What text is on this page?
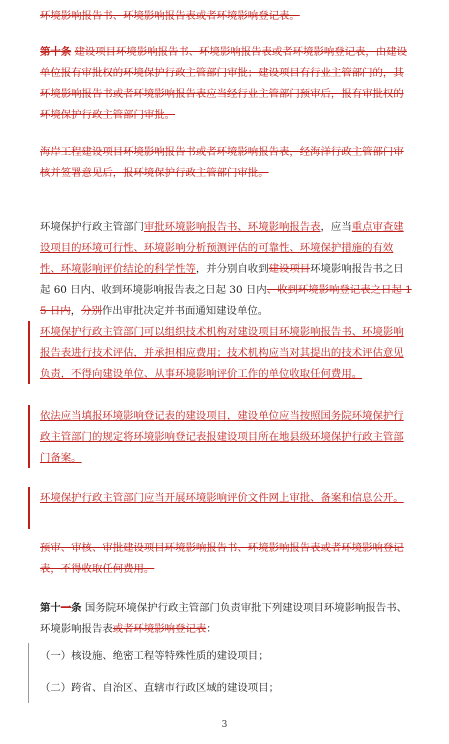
环境影响报告书、环境影响报告表或者环境影响登记表。
第十条 建设项目环境影响报告书、环境影响报告表或者环境影响登记表，由建设单位报有审批权的环境保护行政主管部门审批；建设项目有行业主管部门的，其环境影响报告书或者环境影响报告表应当经行业主管部门预审后，报有审批权的环境保护行政主管部门审批。
海岸工程建设项目环境影响报告书或者环境影响报告表，经海洋行政主管部门审核并签署意见后，报环境保护行政主管部门审批。
环境保护行政主管部门审批环境影响报告书、环境影响报告表，应当重点审查建设项目的环境可行性、环境影响分析预测评估的可靠性、环境保护措施的有效性、环境影响评价结论的科学性等，并分别自收到建设项目环境影响报告书之日起 60 日内、收到环境影响报告表之日起 30 日内、收到环境影响登记表之日起 15 日内，分别作出审批决定并书面通知建设单位。
环境保护行政主管部门可以组织技术机构对建设项目环境影响报告书、环境影响报告表进行技术评估，并承担相应费用；技术机构应当对其提出的技术评估意见负责，不得向建设单位、从事环境影响评价工作的单位收取任何费用。
依法应当填报环境影响登记表的建设项目，建设单位应当按照国务院环境保护行政主管部门的规定将环境影响登记表报建设项目所在地县级环境保护行政主管部门备案。
环境保护行政主管部门应当开展环境影响评价文件网上审批、备案和信息公开。
预审、审核、审批建设项目环境影响报告书、环境影响报告表或者环境影响登记表，不得收取任何费用。
第十一条 国务院环境保护行政主管部门负责审批下列建设项目环境影响报告书、环境影响报告表或者环境影响登记表：
（一）核设施、绝密工程等特殊性质的建设项目；
（二）跨省、自治区、直辖市行政区域的建设项目；
3
